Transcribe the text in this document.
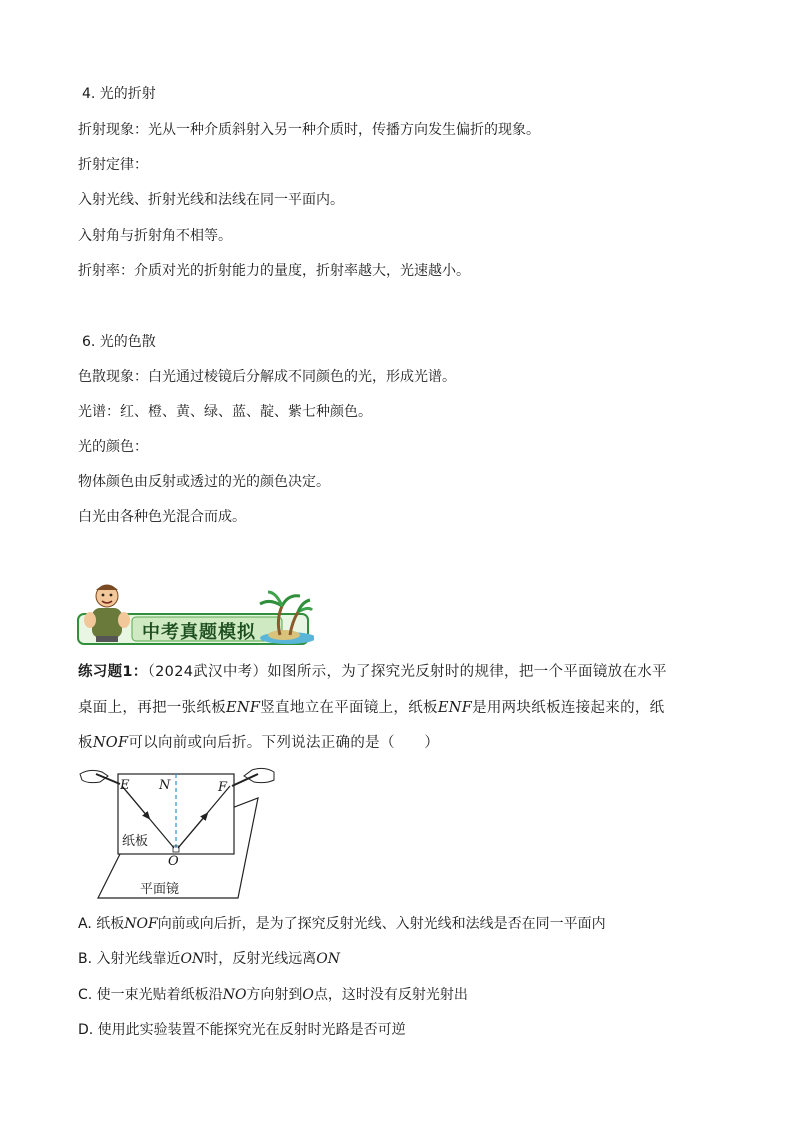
4. 光的折射
折射现象：光从一种介质斜射入另一种介质时，传播方向发生偏折的现象。
折射定律：
入射光线、折射光线和法线在同一平面内。
入射角与折射角不相等。
折射率：介质对光的折射能力的量度，折射率越大，光速越小。
6. 光的色散
色散现象：白光通过棱镜后分解成不同颜色的光，形成光谱。
光谱：红、橙、黄、绿、蓝、靛、紫七种颜色。
光的颜色：
物体颜色由反射或透过的光的颜色决定。
白光由各种色光混合而成。
中考真题模拟
练习题1：（2024武汉中考）如图所示，为了探究光反射时的规律，把一个平面镜放在水平
桌面上，再把一张纸板ENF竖直地立在平面镜上，纸板ENF是用两块纸板连接起来的，纸
板NOF可以向前或向后折。下列说法正确的是（　　）
E N	F
O
纸板
平面镜
A. 纸板NOF向前或向后折，是为了探究反射光线、入射光线和法线是否在同一平面内
B. 入射光线靠近ON时，反射光线远离ON
C. 使一束光贴着纸板沿NO方向射到O点，这时没有反射光射出
D. 使用此实验装置不能探究光在反射时光路是否可逆
